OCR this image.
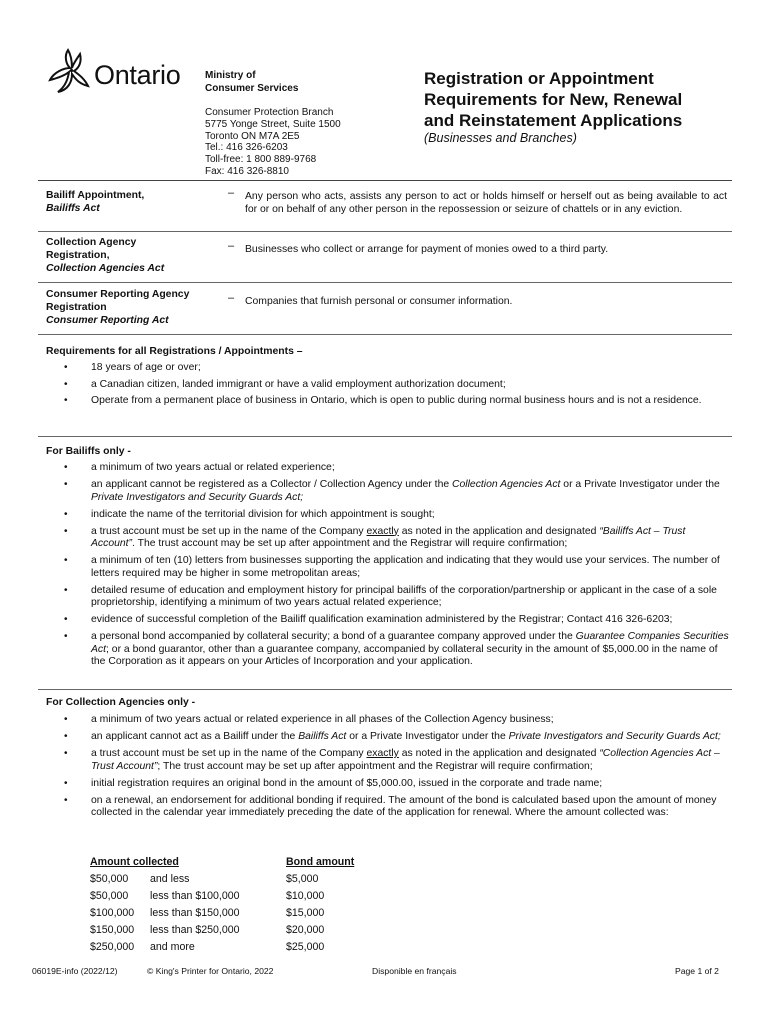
Ontario Ministry of
Consumer Services
Consumer Protection Branch
5775 Yonge Street, Suite 1500
Toronto ON M7A 2E5
Tel.: 416 326-6203
Toll-free: 1 800 889-9768
Fax: 416 326-8810
Registration or Appointment
Requirements for New, Renewal
and Reinstatement Applications
(Businesses and Branches)
Bailiff Appointment,
Bailiffs Act
– Any person who acts, assists any person to act or holds himself or herself out as being available to act for or on behalf of any other person in the repossession or seizure of chattels or in any eviction.
Collection Agency
Registration,
Collection Agencies Act
– Businesses who collect or arrange for payment of monies owed to a third party.
Consumer Reporting Agency
Registration
Consumer Reporting Act
– Companies that furnish personal or consumer information.
Requirements for all Registrations / Appointments –
• 18 years of age or over;
• a Canadian citizen, landed immigrant or have a valid employment authorization document;
• Operate from a permanent place of business in Ontario, which is open to public during normal business hours and is not a residence.
For Bailiffs only -
• a minimum of two years actual or related experience;
• an applicant cannot be registered as a Collector / Collection Agency under the Collection Agencies Act or a Private Investigator under the Private Investigators and Security Guards Act;
• indicate the name of the territorial division for which appointment is sought;
• a trust account must be set up in the name of the Company exactly as noted in the application and designated “Bailiffs Act – Trust Account”. The trust account may be set up after appointment and the Registrar will require confirmation;
• a minimum of ten (10) letters from businesses supporting the application and indicating that they would use your services. The number of letters required may be higher in some metropolitan areas;
• detailed resume of education and employment history for principal bailiffs of the corporation/partnership or applicant in the case of a sole proprietorship, identifying a minimum of two years actual related experience;
• evidence of successful completion of the Bailiff qualification examination administered by the Registrar; Contact 416 326-6203;
• a personal bond accompanied by collateral security; a bond of a guarantee company approved under the Guarantee Companies Securities Act; or a bond guarantor, other than a guarantee company, accompanied by collateral security in the amount of $5,000.00 in the name of the Corporation as it appears on your Articles of Incorporation and your application.
For Collection Agencies only -
• a minimum of two years actual or related experience in all phases of the Collection Agency business;
• an applicant cannot act as a Bailiff under the Bailiffs Act or a Private Investigator under the Private Investigators and Security Guards Act;
• a trust account must be set up in the name of the Company exactly as noted in the application and designated “Collection Agencies Act – Trust Account”; The trust account may be set up after appointment and the Registrar will require confirmation;
• initial registration requires an original bond in the amount of $5,000.00, issued in the corporate and trade name;
• on a renewal, an endorsement for additional bonding if required. The amount of the bond is calculated based upon the amount of money collected in the calendar year immediately preceding the date of the application for renewal. Where the amount collected was:
Amount collected		Bond amount
$50,000	and less	$5,000
$50,000	less than $100,000	$10,000
$100,000	less than $150,000	$15,000
$150,000	less than $250,000	$20,000
$250,000	and more	$25,000
06019E-info (2022/12)	© King's Printer for Ontario, 2022	Disponible en français	Page 1 of 2
